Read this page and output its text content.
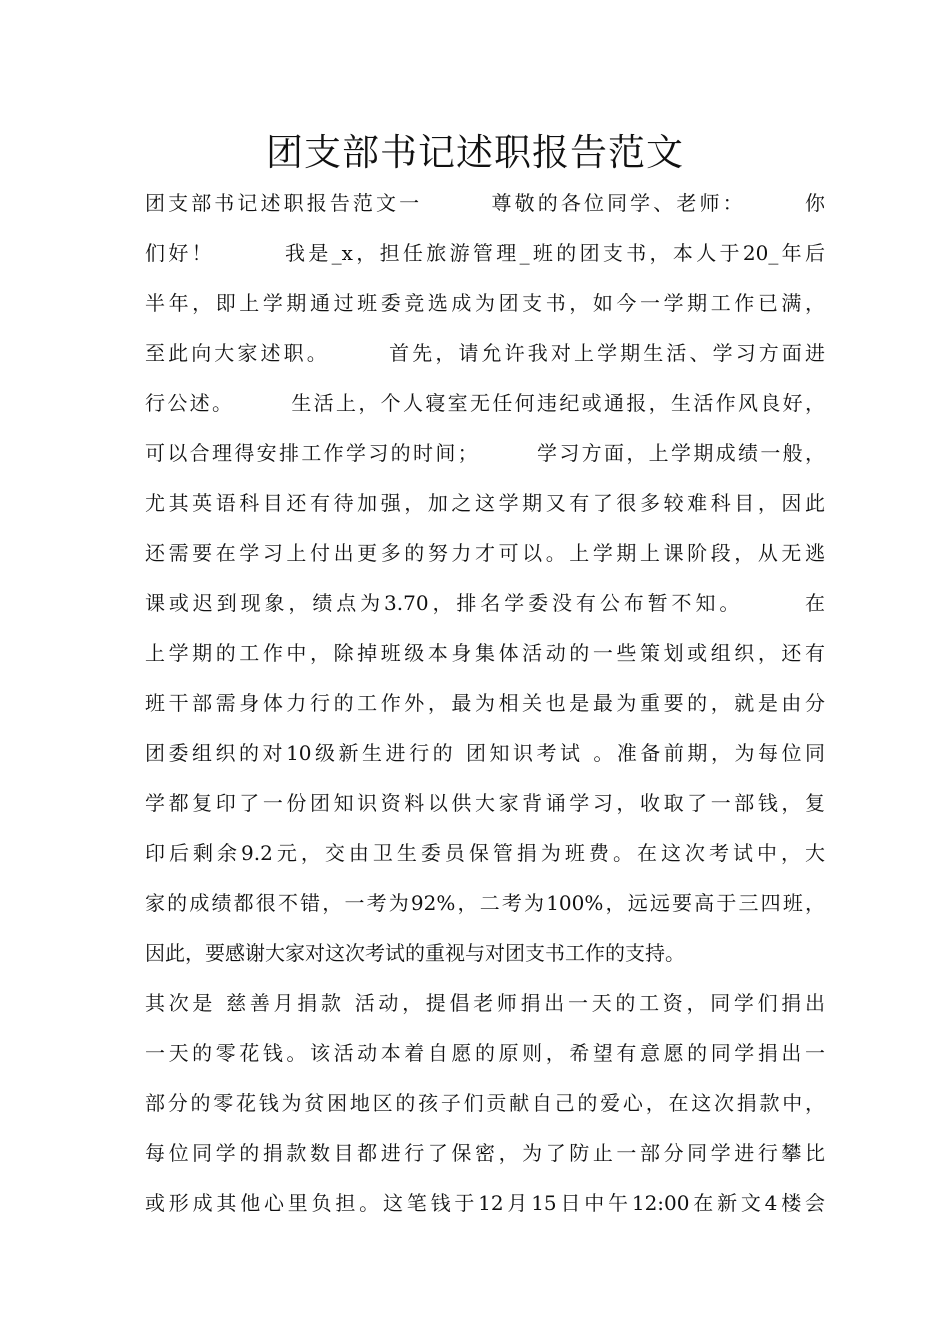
团支部书记述职报告范文
团支部书记述职报告范文一　　　尊敬的各位同学、老师：　　　你
们好！　　　我是_x，担任旅游管理_班的团支书，本人于20_年后
半年，即上学期通过班委竞选成为团支书，如今一学期工作已满，
至此向大家述职。　　　首先，请允许我对上学期生活、学习方面进
行公述。　　　生活上，个人寝室无任何违纪或通报，生活作风良好，
可以合理得安排工作学习的时间；　　　学习方面，上学期成绩一般，
尤其英语科目还有待加强，加之这学期又有了很多较难科目，因此
还需要在学习上付出更多的努力才可以。上学期上课阶段，从无逃
课或迟到现象，绩点为3.70，排名学委没有公布暂不知。　　　在
上学期的工作中，除掉班级本身集体活动的一些策划或组织，还有
班干部需身体力行的工作外，最为相关也是最为重要的，就是由分
团委组织的对10级新生进行的 团知识考试 。准备前期，为每位同
学都复印了一份团知识资料以供大家背诵学习，收取了一部钱，复
印后剩余9.2元，交由卫生委员保管捐为班费。在这次考试中，大
家的成绩都很不错，一考为92%，二考为100%，远远要高于三四班，
因此，要感谢大家对这次考试的重视与对团支书工作的支持。
其次是 慈善月捐款 活动，提倡老师捐出一天的工资，同学们捐出
一天的零花钱。该活动本着自愿的原则，希望有意愿的同学捐出一
部分的零花钱为贫困地区的孩子们贡献自己的爱心，在这次捐款中，
每位同学的捐款数目都进行了保密，为了防止一部分同学进行攀比
或形成其他心里负担。这笔钱于12月15日中午12:00在新文4楼会
